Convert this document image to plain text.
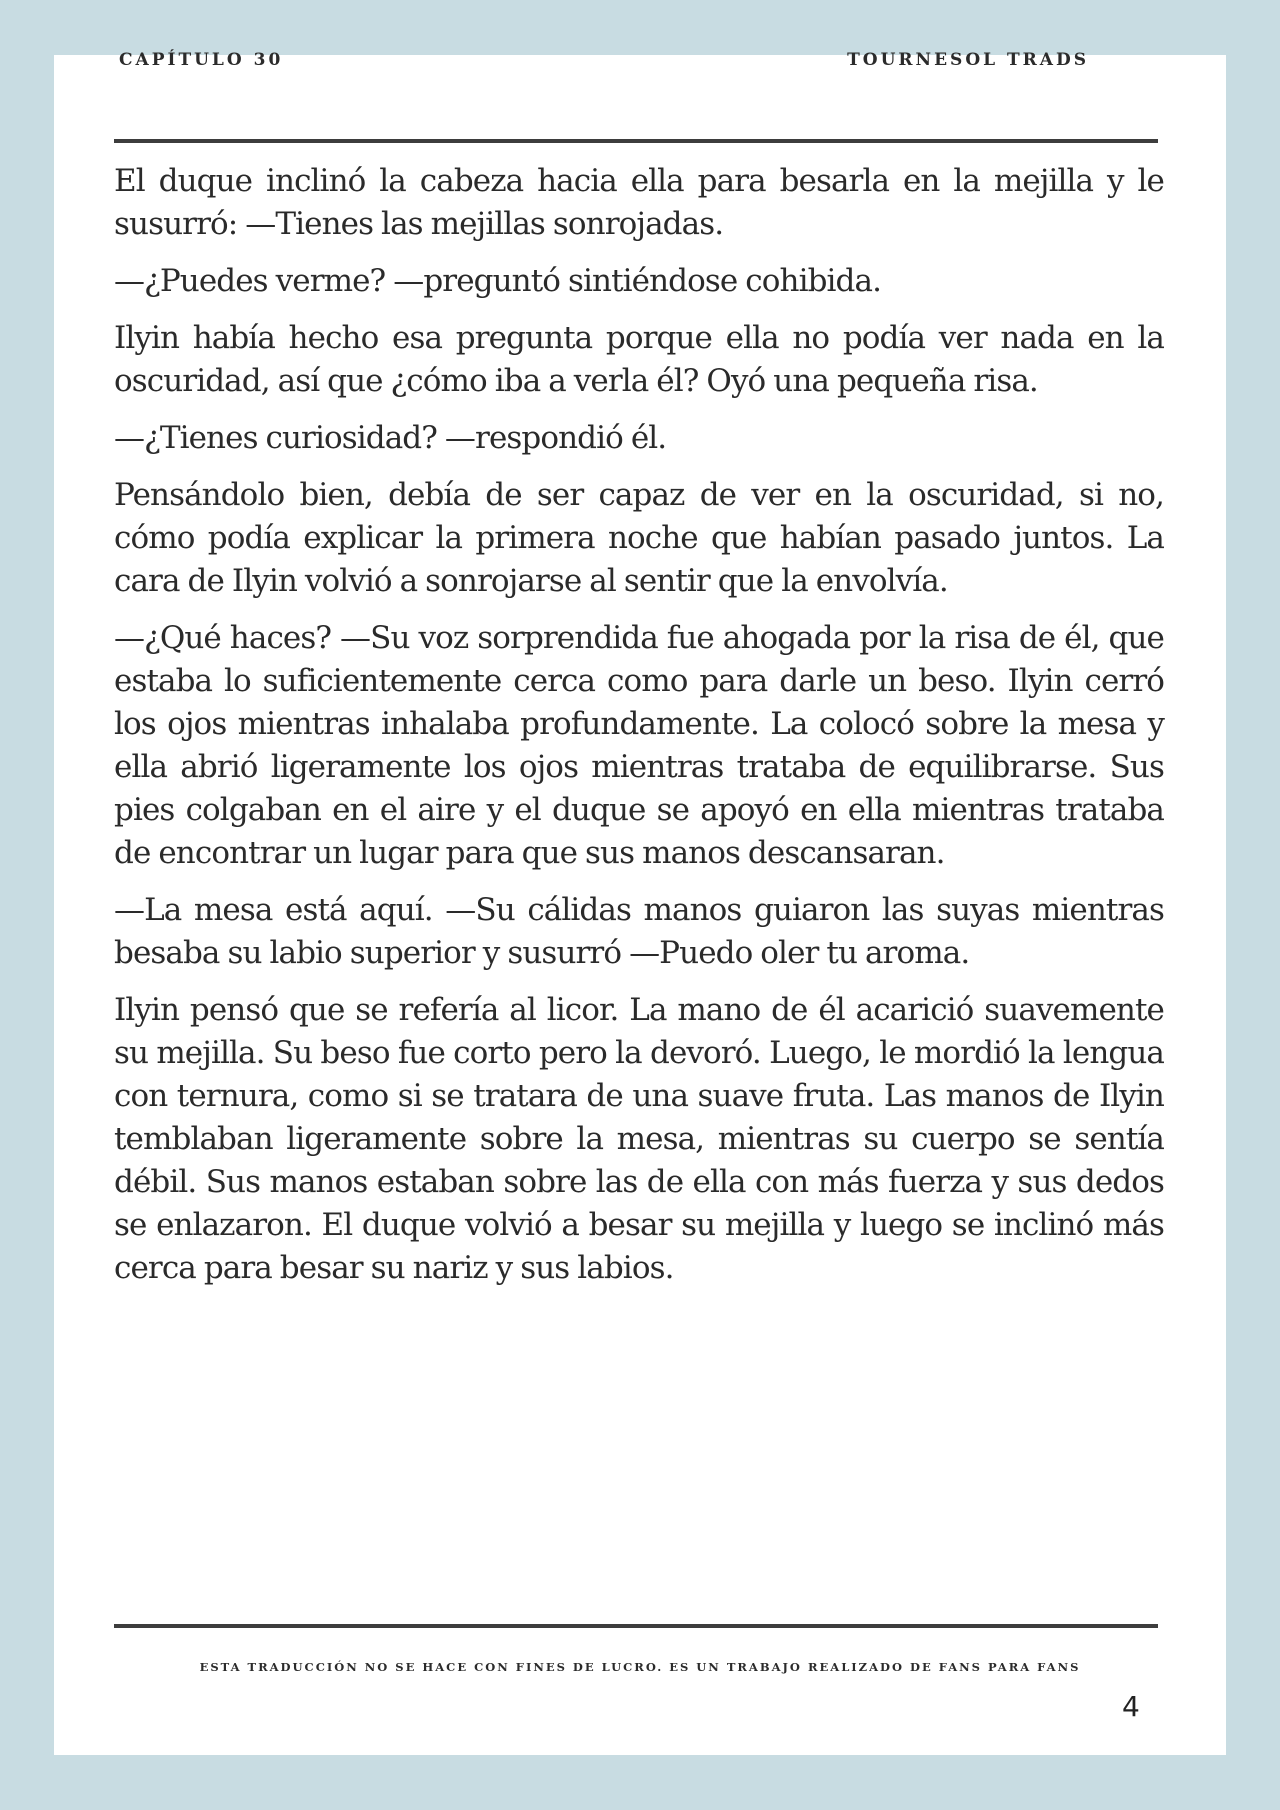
CAPÍTULO 30	TOURNESOL TRADS

El duque inclinó la cabeza hacia ella para besarla en la mejilla y le susurró: —Tienes las mejillas sonrojadas.

—¿Puedes verme? —preguntó sintiéndose cohibida.

Ilyin había hecho esa pregunta porque ella no podía ver nada en la oscuridad, así que ¿cómo iba a verla él? Oyó una pequeña risa.

—¿Tienes curiosidad? —respondió él.

Pensándolo bien, debía de ser capaz de ver en la oscuridad, si no, cómo podía explicar la primera noche que habían pasado juntos. La cara de Ilyin volvió a sonrojarse al sentir que la envolvía.

—¿Qué haces? —Su voz sorprendida fue ahogada por la risa de él, que estaba lo suficientemente cerca como para darle un beso. Ilyin cerró los ojos mientras inhalaba profundamente. La colocó sobre la mesa y ella abrió ligeramente los ojos mientras trataba de equilibrarse. Sus pies colgaban en el aire y el duque se apoyó en ella mientras trataba de encontrar un lugar para que sus manos descansaran.

—La mesa está aquí. —Su cálidas manos guiaron las suyas mientras besaba su labio superior y susurró —Puedo oler tu aroma.

Ilyin pensó que se refería al licor. La mano de él acarició suavemente su mejilla. Su beso fue corto pero la devoró. Luego, le mordió la lengua con ternura, como si se tratara de una suave fruta. Las manos de Ilyin temblaban ligeramente sobre la mesa, mientras su cuerpo se sentía débil. Sus manos estaban sobre las de ella con más fuerza y sus dedos se enlazaron. El duque volvió a besar su mejilla y luego se inclinó más cerca para besar su nariz y sus labios.

ESTA TRADUCCIÓN NO SE HACE CON FINES DE LUCRO. ES UN TRABAJO REALIZADO DE FANS PARA FANS
4
